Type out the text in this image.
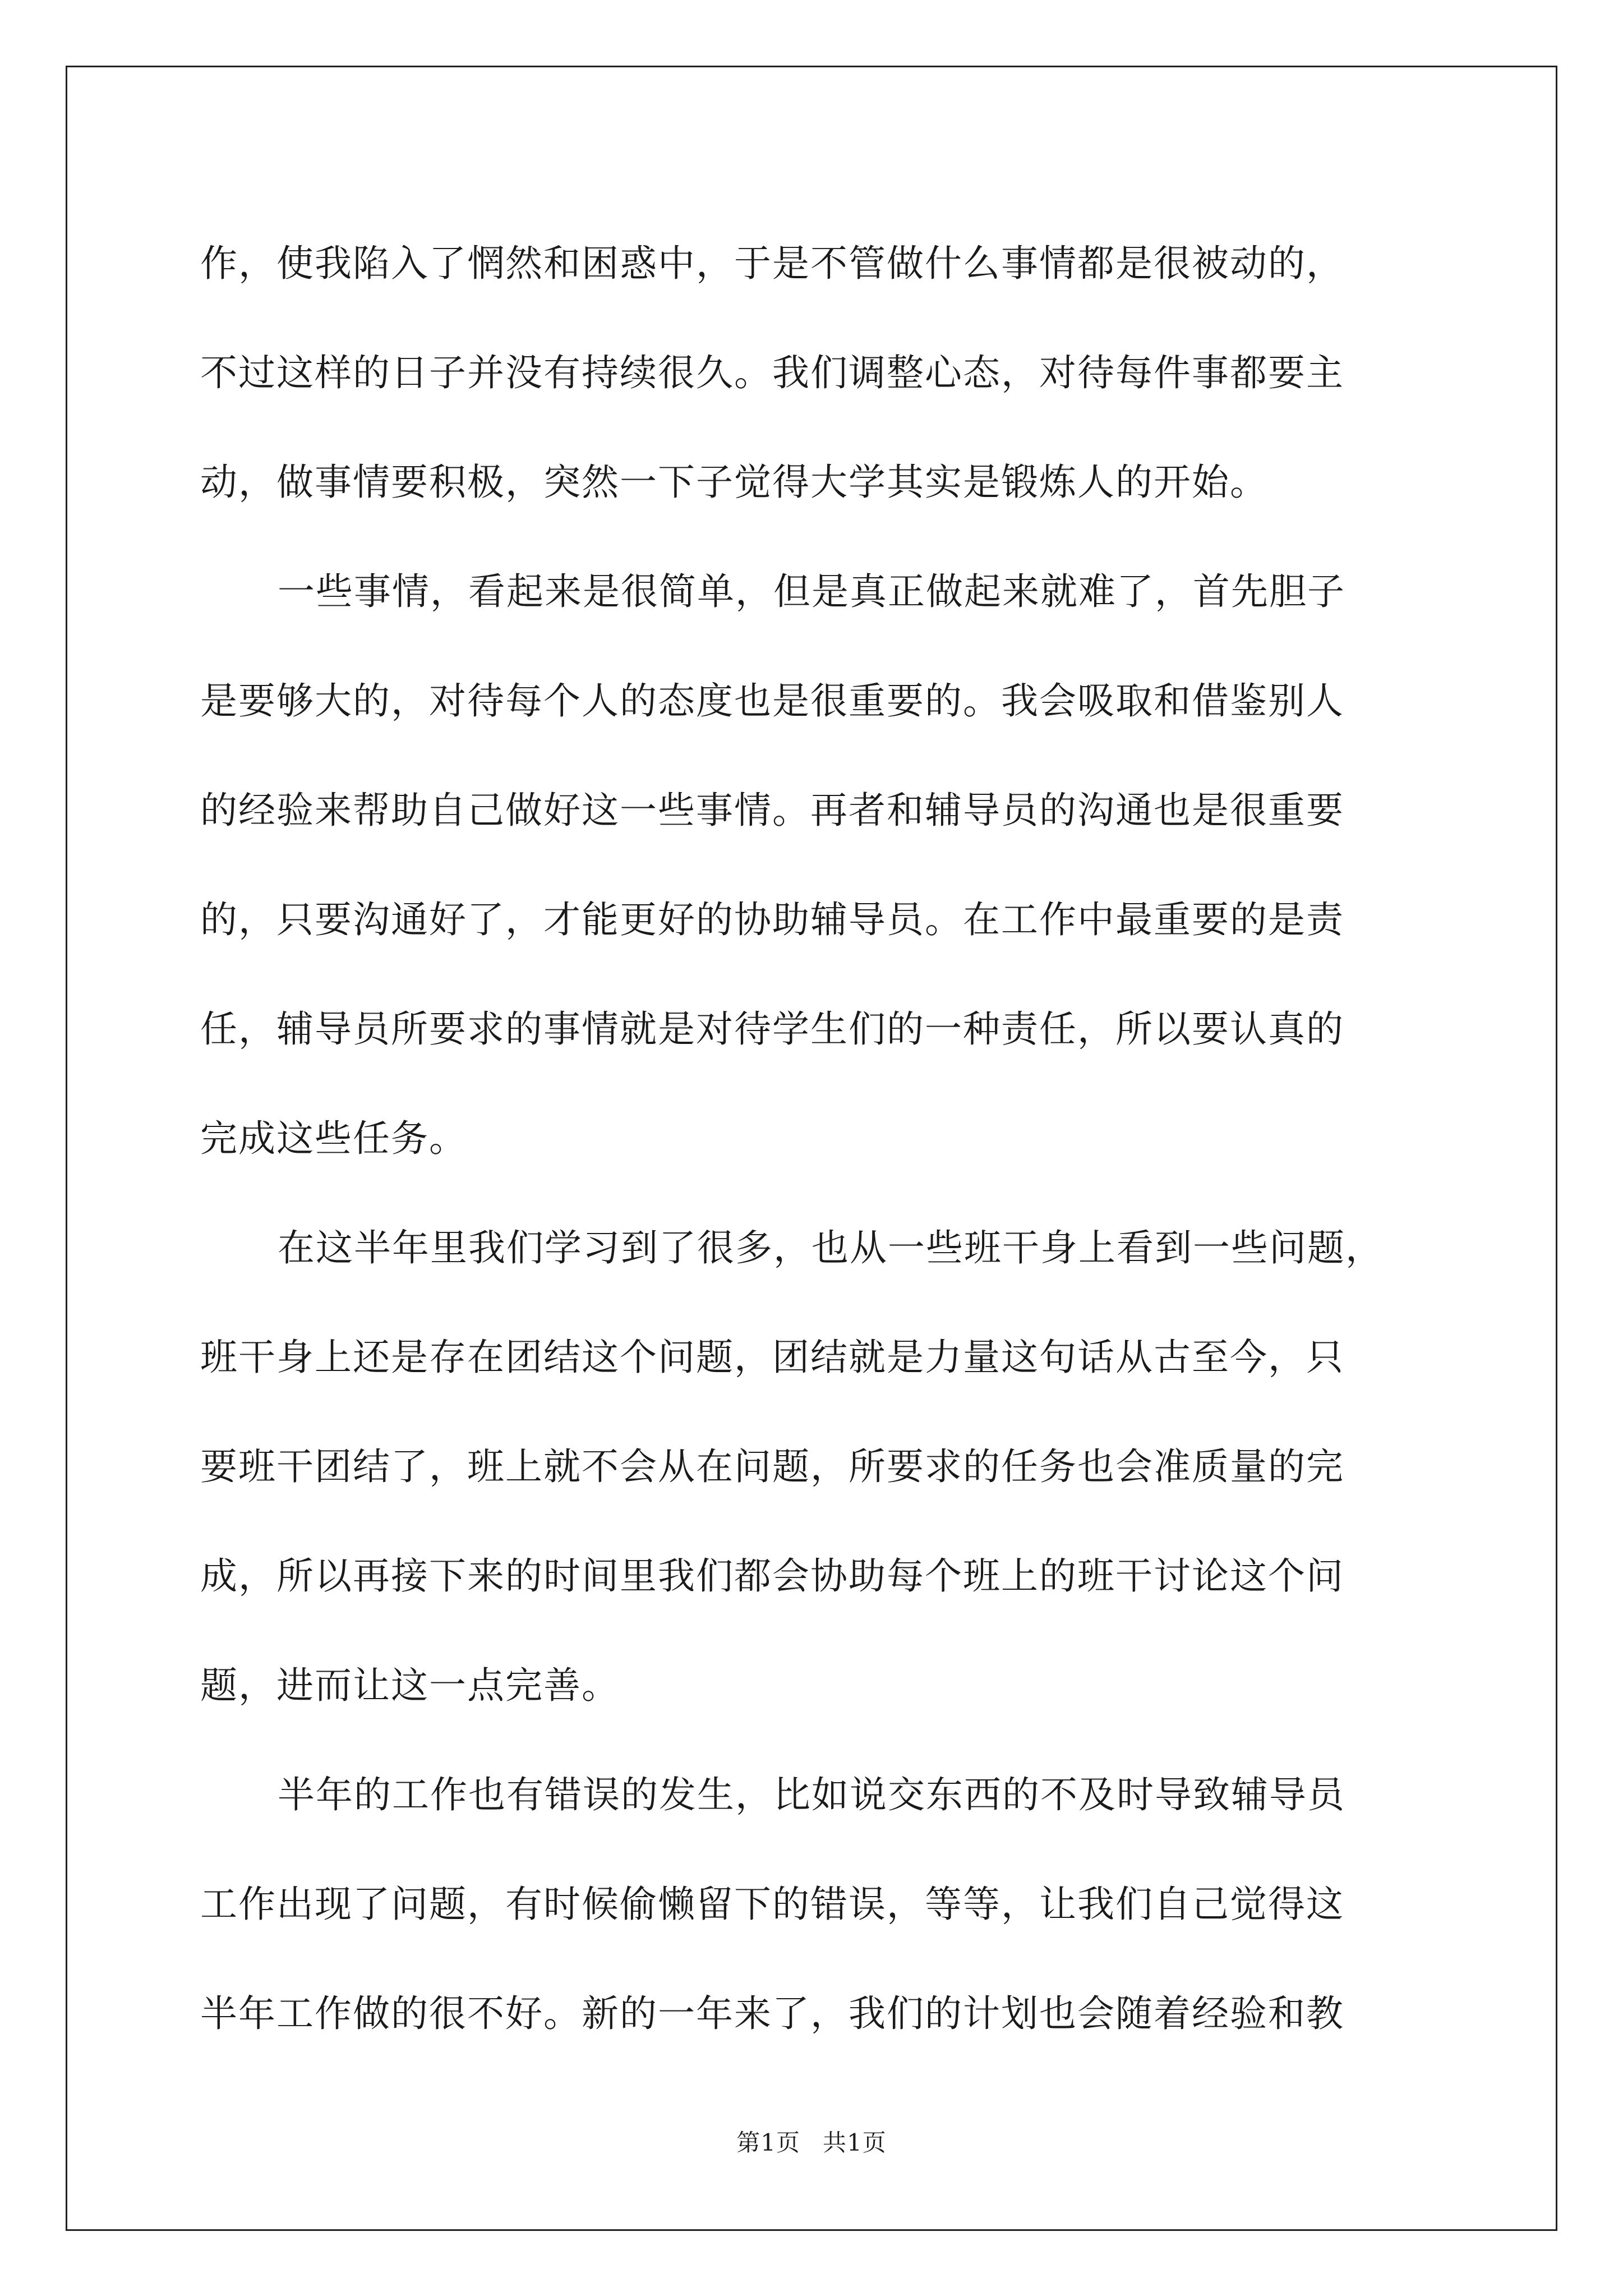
作，使我陷入了惘然和困惑中，于是不管做什么事情都是很被动的，
不过这样的日子并没有持续很久。我们调整心态，对待每件事都要主
动，做事情要积极，突然一下子觉得大学其实是锻炼人的开始。
一些事情，看起来是很简单，但是真正做起来就难了，首先胆子
是要够大的，对待每个人的态度也是很重要的。我会吸取和借鉴别人
的经验来帮助自己做好这一些事情。再者和辅导员的沟通也是很重要
的，只要沟通好了，才能更好的协助辅导员。在工作中最重要的是责
任，辅导员所要求的事情就是对待学生们的一种责任，所以要认真的
完成这些任务。
在这半年里我们学习到了很多，也从一些班干身上看到一些问题，
班干身上还是存在团结这个问题，团结就是力量这句话从古至今，只
要班干团结了，班上就不会从在问题，所要求的任务也会准质量的完
成，所以再接下来的时间里我们都会协助每个班上的班干讨论这个问
题，进而让这一点完善。
半年的工作也有错误的发生，比如说交东西的不及时导致辅导员
工作出现了问题，有时候偷懒留下的错误，等等，让我们自己觉得这
半年工作做的很不好。新的一年来了，我们的计划也会随着经验和教
第1页 共1页
